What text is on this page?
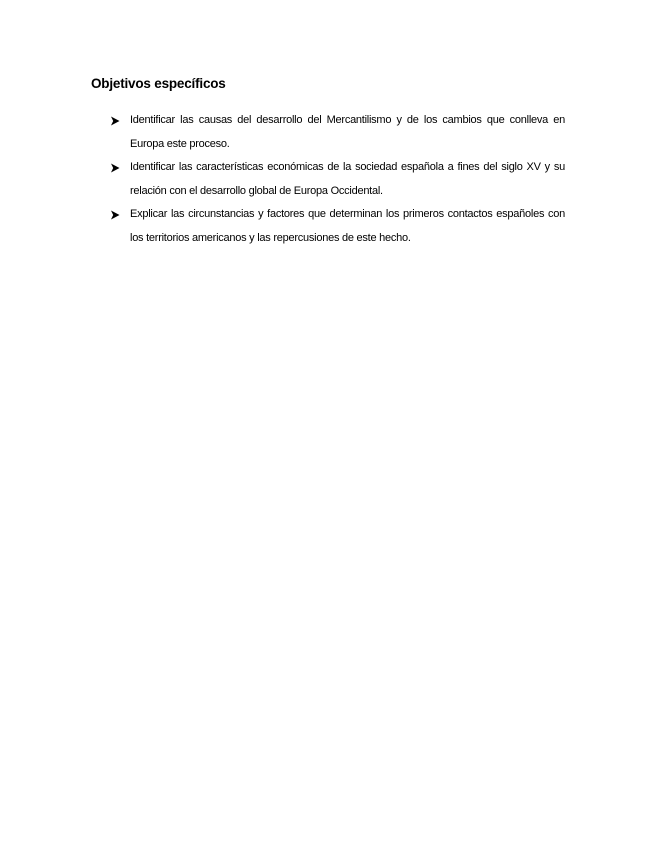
Objetivos específicos
Identificar las causas del desarrollo del Mercantilismo y de los cambios que conlleva en Europa este proceso.
Identificar las características económicas de la sociedad española a fines del siglo XV y su relación con el desarrollo global de Europa Occidental.
Explicar las circunstancias y factores que determinan los primeros contactos españoles con los territorios americanos y las repercusiones de este hecho.
